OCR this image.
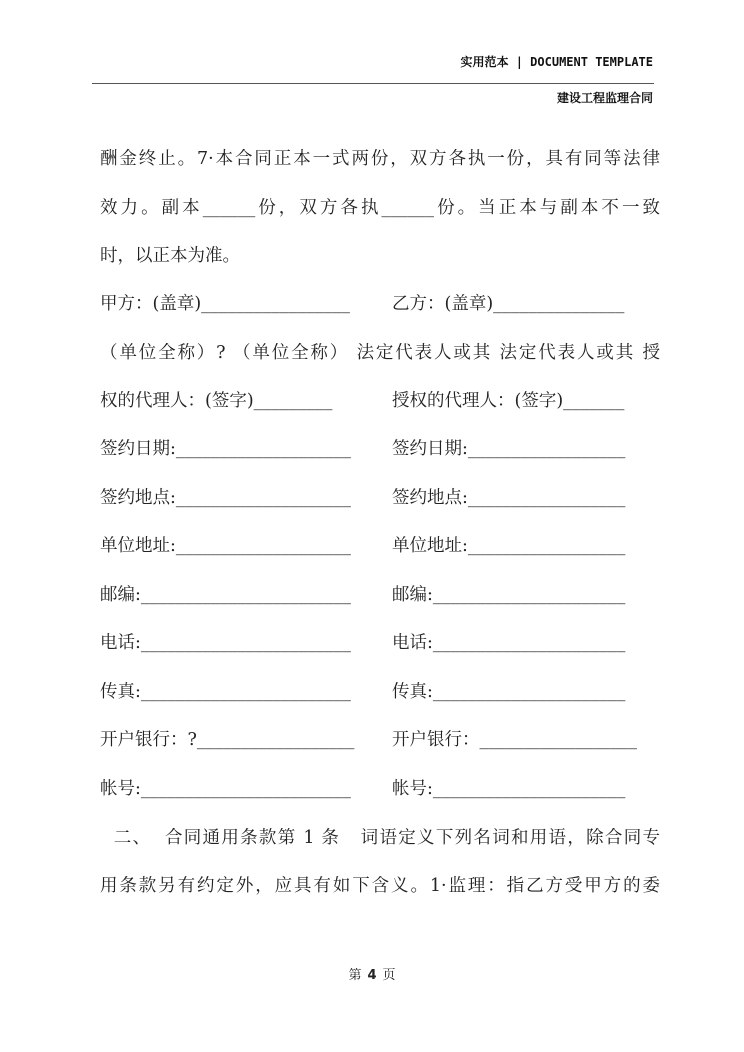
实用范本 | DOCUMENT TEMPLATE
建设工程监理合同
酬金终止。7·本合同正本一式两份，双方各执一份，具有同等法律
效力。副本______份，双方各执______份。当正本与副本不一致
时，以正本为准。
甲方：(盖章)_________________	乙方：(盖章)_______________
（单位全称）? （单位全称） 法定代表人或其 法定代表人或其 授
权的代理人：(签字)_________	授权的代理人：(签字)_______
签约日期:____________________	签约日期:__________________
签约地点:____________________	签约地点:__________________
单位地址:____________________	单位地址:__________________
邮编:________________________	邮编:______________________
电话:________________________	电话:______________________
传真:________________________	传真:______________________
开户银行：?__________________	开户银行：__________________
帐号:________________________	帐号:______________________
二、  合同通用条款第 1 条   词语定义下列名词和用语，除合同专
用条款另有约定外，应具有如下含义。1·监理：指乙方受甲方的委
第 4 页
